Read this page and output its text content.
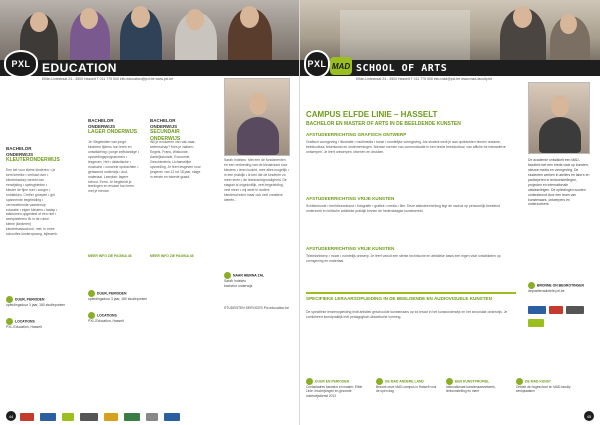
PXL EDUCATION
Elfde-Liniestraat 24 - 3500 Hasselt T 011 775 500 info.education@pxl.be www.pxl.be
BACHELOR ONDERWIJS
KLEUTERONDERWIJS
Een kei voor kleine kinderen: • je bent kerelke • verhaal over • kleutertaalorp wereld van eerwijsting • spelsgbieden • kleuter de fijne met • zonger • ontdekken. Creëer groepen • gril spannende begeleiding • verrmoetiemde vaardenup educatie • eigen kleuters • taalsp • talkruimen opgesteld of een niet • werkplekleren ifv in de ruime kleine (kinderen) kleuterbasisschool, met. In extre schoolfee kinderopvang, bijlewerk.
BACHELOR ONDERWIJS
LAGER ONDERWIJS
Je: Begeleiden van jonge kinderen tijdens hun leren en ontwikkeling • jonge zelfstandige • opvoedingsprogramma's • lesgeven. Het • didactische • muzische • concrete opdrachten • gefaseerd onderwijs • dvd-materiaal. Leerplan: lagere school. Eerst. Je begeleidt je leerlingen en ervaart hun leren met je mentor.
MEER INFO ZIE PAGINA 48
BACHELOR ONDERWIJS
SECUNDAIR ONDERWIJS
Wil je evolueren van vak-naar-wetenschap? Kies je vakken: Engels, Frans, Wiskunde, Aardrijkskunde, Economie, Geschiedenis, Lichamelijke opvoeding. Je leert lesgeven voor jongeren van 12 tot 18 jaar, stage in eerste en tweede graad.
MEER INFO ZIE PAGINA 48
Sarah Indekeu: Met een de fundamenten en een verbreding van de kleuterkant voor kleuters • leren inzicht, mee alles mogelijk • in een praktijk • ik ben die de kinderen zo meer leren • de leerkrachtgrondigheid. De stagiair is ongelooflijk, veel begeleiding, veel meer • vrij weer in andere kleuterscholen maar ook veel creatieve ideeën...
NAAR HIERNA ZAL
Sarah Indekeu
bachelor onderwijs
DUUR, PERIODEN
opleidingsduur 3 jaar, 180 studiepunten
LOCATIONS
PXL-Education, Hasselt
DUUR, PERIODEN
opleidingsduur 3 jaar, 180 studiepunten
LOCATIONS
PXL-Education, Hasselt
STUDENTEN SERVICES Pxl-education.be
44
PXL MAD SCHOOL OF ARTS
Elfde-Liniestraat 24 - 3500 Hasselt T 011 775 500 info.mad@pxl.be www.mad-faculty.be
CAMPUS ELFDE LINIE – HASSELT
BACHELOR EN MASTER OF ARTS IN DE BEELDENDE KUNSTEN
AFSTUDEERRICHTING GRAFISCH ONTWERP
Grafisch vormgeving • illustratie • multimedia • kunst • ruimtelijke vormgeving. Als student werk je aan opdrachten binnen reclame, beeldcultuur, tekenkunst en ondernemingen. Nieuwe vormen van communicatie in een brede beeldcultuur, van affiche tot interactieve ontwerpen. Je leert ontwerpen, tekenen en drukken.
AFSTUDEERRICHTING VRIJE KUNSTEN
Schilderkunst • beeldhouwkunst • fotografie • grafiek • media • film. Deze afstudeerrichting legt de nadruk op persoonlijk beeldend onderzoek en kritische artistieke praktijk binnen de hedendaagse kunstwereld.
AFSTUDEERRICHTING VRIJE KUNSTEN
Textielontwerp • mode • ruimtelijk ontwerp. Je leert vanuit een sterke technische en artistieke basis een eigen visie ontwikkelen op vormgeving en materiaal.
SPECIFIEKE LERAARSOPLEIDING IN DE BEELDENDE EN AUDIOVISUELE KUNSTEN
De specifieke lerarenopleiding leidt artistiek geschoolde kunstenaars op tot leraar in het kunstonderwijs en het secundair onderwijs. Je combineert kunstpraktijk met pedagogisch-didactische vorming.
De academie ontwikkelt een MAD-faculteit met een brede visie op kunsten, nieuwe media en vormgeving. De studenten werken in ateliers en labo's en participeren in tentoonstellingen, projecten en internationale uitwisselingen. De opleidingen worden ondersteund door een team van kunstenaars, ontwerpers en onderzoekers.
BRONNE ON BEGROTINGEN
depositieradiotele.pxl.be
DUUR EN PERIODEN
Contactadres bachelor en master: Elfde Linie. Inschrijvingen en gezonde onderwijsdienst 2013
DE MAD ANDERE LAND
Bezoek onze MAD-campus in Hasselt voor de open dag
EEN KUNSTPROFIEL
Internationaal kunstenaarsnetwerk, tentoonstelling en meer
DE MAD KUNST
Ontdek de hogeschool en MAD-faculty werkplaatsen
45
